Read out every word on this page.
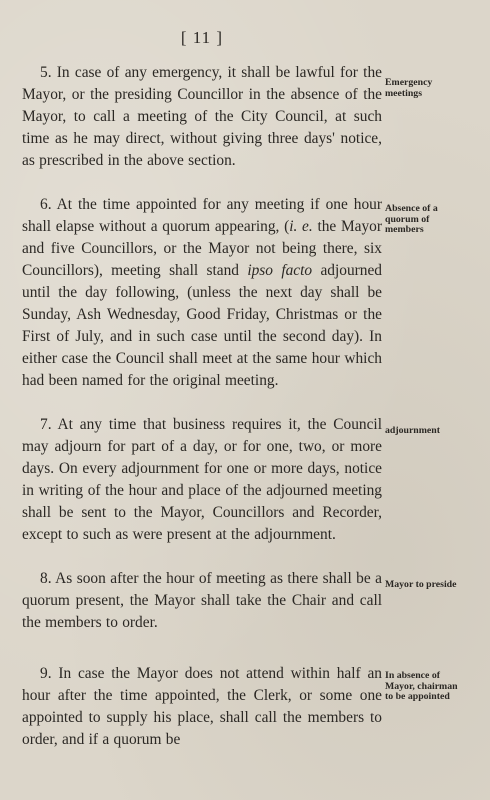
[ 11 ]

5. In case of any emergency, it shall be lawful for the Mayor, or the presiding Councillor in the absence of the Mayor, to call a meeting of the City Council, at such time as he may direct, without giving three days' notice, as prescribed in the above section.

Emergency meetings

6. At the time appointed for any meeting if one hour shall elapse without a quorum appearing, (i. e. the Mayor and five Councillors, or the Mayor not being there, six Councillors), meeting shall stand ipso facto adjourned until the day following, (unless the next day shall be Sunday, Ash Wednesday, Good Friday, Christmas or the First of July, and in such case until the second day). In either case the Council shall meet at the same hour which had been named for the original meeting.

Absence of a quorum of members

7. At any time that business requires it, the Council may adjourn for part of a day, or for one, two, or more days. On every adjournment for one or more days, notice in writing of the hour and place of the adjourned meeting shall be sent to the Mayor, Councillors and Recorder, except to such as were present at the adjournment.

adjournment

8. As soon after the hour of meeting as there shall be a quorum present, the Mayor shall take the Chair and call the members to order.

Mayor to preside

9. In case the Mayor does not attend within half an hour after the time appointed, the Clerk, or some one appointed to supply his place, shall call the members to order, and if a quorum be

In absence of Mayor, chairman to be appointed
